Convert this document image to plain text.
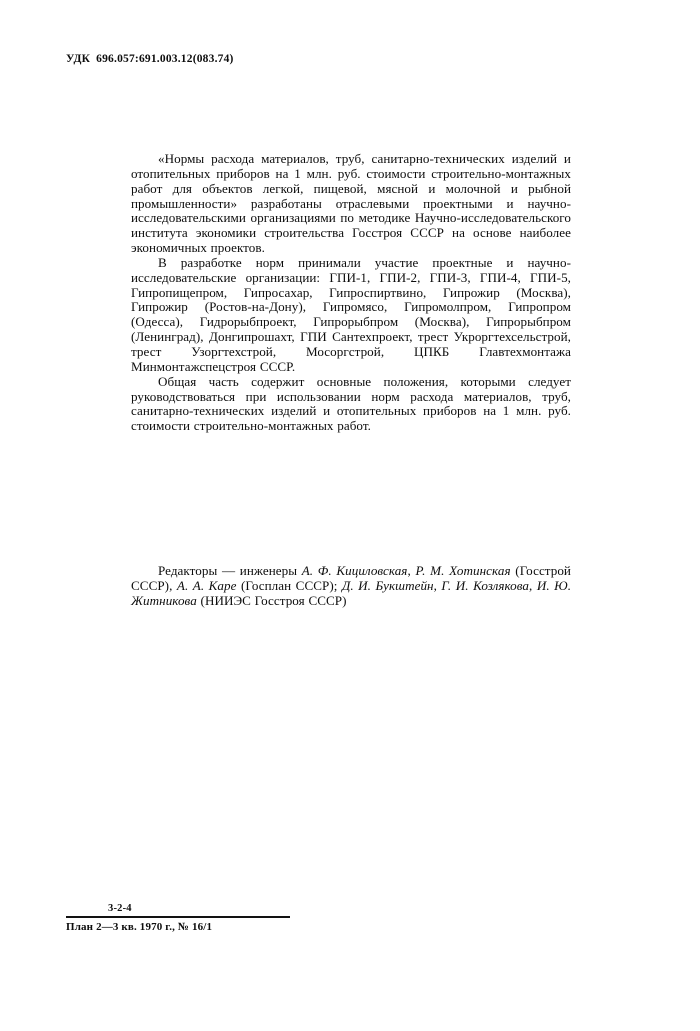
УДК 696.057:691.003.12(083.74)

«Нормы расхода материалов, труб, санитарно-технических изделий и отопительных приборов на 1 млн. руб. стоимости строительно-монтажных работ для объектов легкой, пищевой, мясной и молочной и рыбной промышленности» разработаны отраслевыми проектными и научно-исследовательскими организациями по методике Научно-исследовательского института экономики строительства Госстроя СССР на основе наиболее экономичных проектов.

В разработке норм принимали участие проектные и научно-исследовательские организации: ГПИ-1, ГПИ-2, ГПИ-3, ГПИ-4, ГПИ-5, Гипропищепром, Гипросахар, Гипроспиртвино, Гипрожир (Москва), Гипрожир (Ростов-на-Дону), Гипромясо, Гипромолпром, Гипропром (Одесса), Гидрорыбпроект, Гипрорыбпром (Москва), Гипрорыбпром (Ленинград), Донгипрошахт, ГПИ Сантехпроект, трест Укроргтехсельстрой, трест Узоргтехстрой, Мосоргстрой, ЦПКБ Главтехмонтажа Минмонтажспецстроя СССР.

Общая часть содержит основные положения, которыми следует руководствоваться при использовании норм расхода материалов, труб, санитарно-технических изделий и отопительных приборов на 1 млн. руб. стоимости строительно-монтажных работ.

Редакторы — инженеры А. Ф. Кициловская, Р. М. Хотинская (Госстрой СССР), А. А. Каре (Госплан СССР); Д. И. Букштейн, Г. И. Козлякова, И. Ю. Житникова (НИИЭС Госстроя СССР)

3-2-4
План 2—3 кв. 1970 г., № 16/1
